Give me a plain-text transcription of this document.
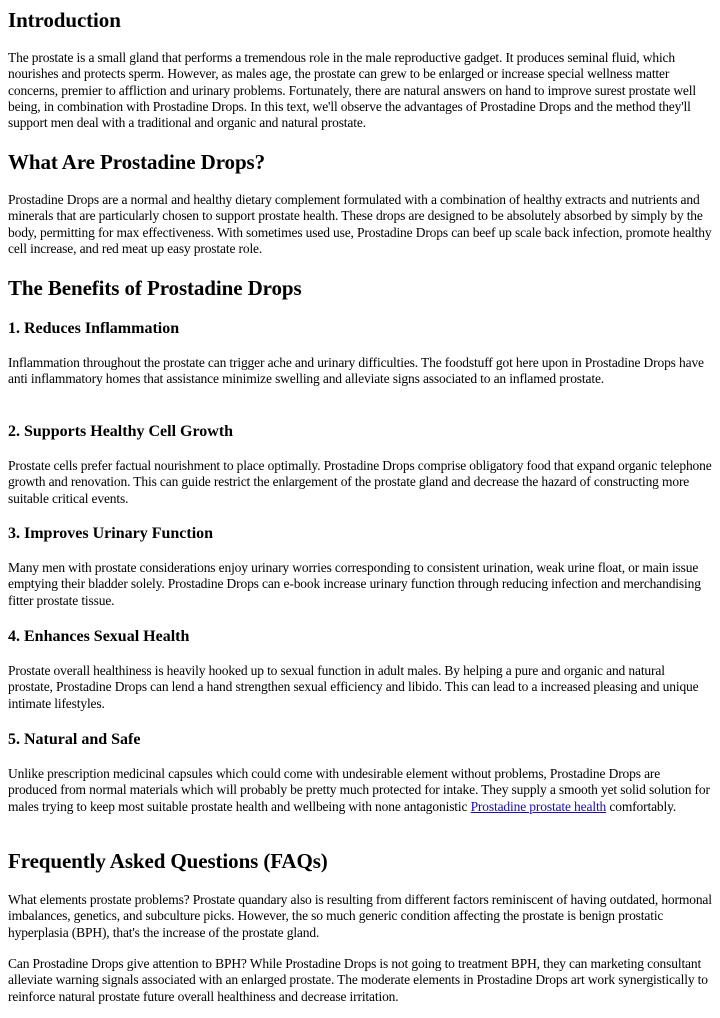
Introduction

The prostate is a small gland that performs a tremendous role in the male reproductive gadget. It produces seminal fluid, which nourishes and protects sperm. However, as males age, the prostate can grew to be enlarged or increase special wellness matter concerns, premier to affliction and urinary problems. Fortunately, there are natural answers on hand to improve surest prostate well being, in combination with Prostadine Drops. In this text, we'll observe the advantages of Prostadine Drops and the method they'll support men deal with a traditional and organic and natural prostate.

What Are Prostadine Drops?

Prostadine Drops are a normal and healthy dietary complement formulated with a combination of healthy extracts and nutrients and minerals that are particularly chosen to support prostate health. These drops are designed to be absolutely absorbed by simply by the body, permitting for max effectiveness. With sometimes used use, Prostadine Drops can beef up scale back infection, promote healthy cell increase, and red meat up easy prostate role.

The Benefits of Prostadine Drops
1. Reduces Inflammation

Inflammation throughout the prostate can trigger ache and urinary difficulties. The foodstuff got here upon in Prostadine Drops have anti inflammatory homes that assistance minimize swelling and alleviate signs associated to an inflamed prostate.

2. Supports Healthy Cell Growth

Prostate cells prefer factual nourishment to place optimally. Prostadine Drops comprise obligatory food that expand organic telephone growth and renovation. This can guide restrict the enlargement of the prostate gland and decrease the hazard of constructing more suitable critical events.

3. Improves Urinary Function

Many men with prostate considerations enjoy urinary worries corresponding to consistent urination, weak urine float, or main issue emptying their bladder solely. Prostadine Drops can e-book increase urinary function through reducing infection and merchandising fitter prostate tissue.

4. Enhances Sexual Health

Prostate overall healthiness is heavily hooked up to sexual function in adult males. By helping a pure and organic and natural prostate, Prostadine Drops can lend a hand strengthen sexual efficiency and libido. This can lead to a increased pleasing and unique intimate lifestyles.

5. Natural and Safe

Unlike prescription medicinal capsules which could come with undesirable element without problems, Prostadine Drops are produced from normal materials which will probably be pretty much protected for intake. They supply a smooth yet solid solution for males trying to keep most suitable prostate health and wellbeing with none antagonistic Prostadine prostate health comfortably.

Frequently Asked Questions (FAQs)

What elements prostate problems? Prostate quandary also is resulting from different factors reminiscent of having outdated, hormonal imbalances, genetics, and subculture picks. However, the so much generic condition affecting the prostate is benign prostatic hyperplasia (BPH), that's the increase of the prostate gland.

Can Prostadine Drops give attention to BPH? While Prostadine Drops is not going to treatment BPH, they can marketing consultant alleviate warning signals associated with an enlarged prostate. The moderate elements in Prostadine Drops art work synergistically to reinforce natural prostate future overall healthiness and decrease irritation.
